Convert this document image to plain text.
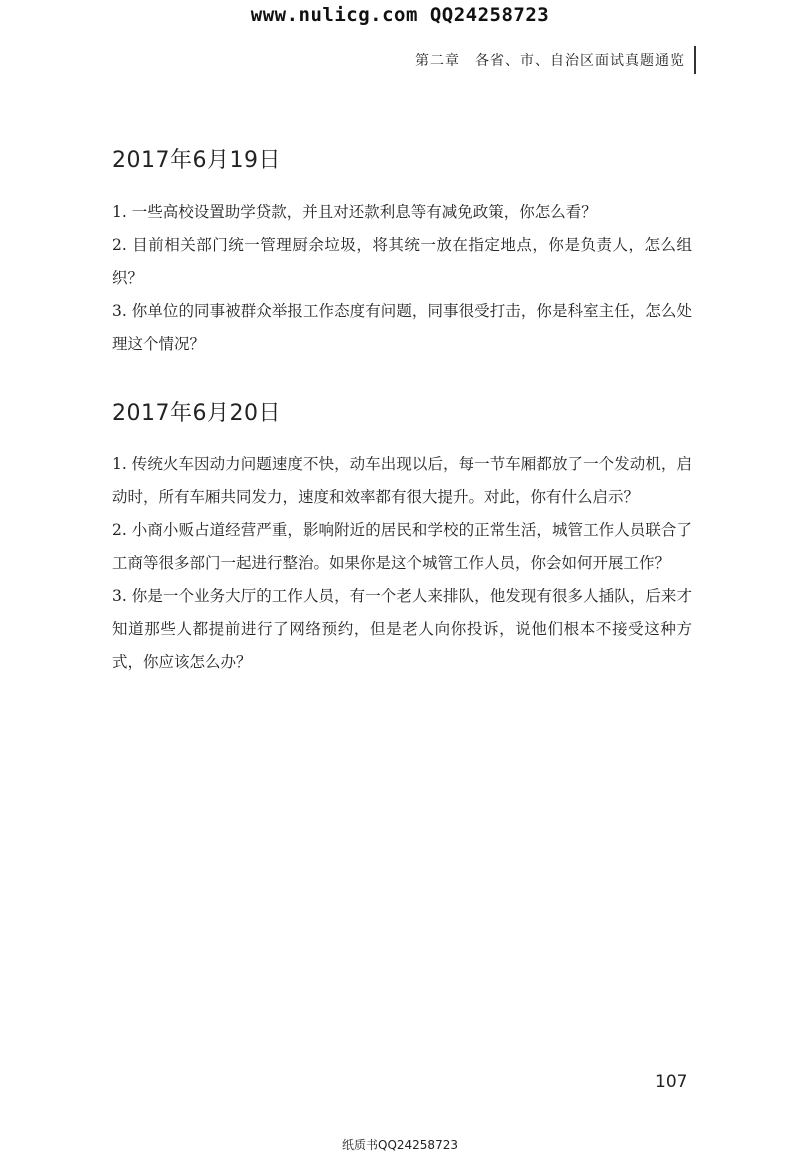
www.nulicg.com QQ24258723
第二章　各省、市、自治区面试真题通览
2017年6月19日

1. 一些高校设置助学贷款，并且对还款利息等有减免政策，你怎么看？

2. 目前相关部门统一管理厨余垃圾，将其统一放在指定地点，你是负责人，怎么组织？

3. 你单位的同事被群众举报工作态度有问题，同事很受打击，你是科室主任，怎么处理这个情况？

2017年6月20日

1. 传统火车因动力问题速度不快，动车出现以后，每一节车厢都放了一个发动机，启动时，所有车厢共同发力，速度和效率都有很大提升。对此，你有什么启示？

2. 小商小贩占道经营严重，影响附近的居民和学校的正常生活，城管工作人员联合了工商等很多部门一起进行整治。如果你是这个城管工作人员，你会如何开展工作？

3. 你是一个业务大厅的工作人员，有一个老人来排队，他发现有很多人插队，后来才知道那些人都提前进行了网络预约，但是老人向你投诉，说他们根本不接受这种方式，你应该怎么办？

107
纸质书QQ24258723
